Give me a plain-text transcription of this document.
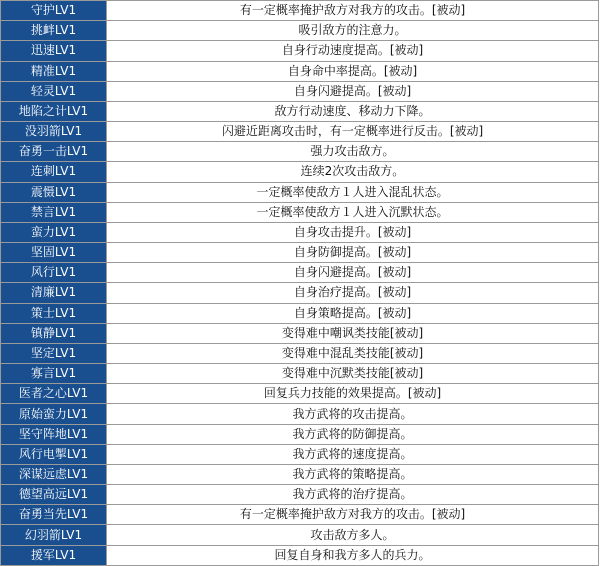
守护LV1	有一定概率掩护敌方对我方的攻击。[被动]
挑衅LV1	吸引敌方的注意力。
迅速LV1	自身行动速度提高。[被动]
精准LV1	自身命中率提高。[被动]
轻灵LV1	自身闪避提高。[被动]
地陷之计LV1	敌方行动速度、移动力下降。
没羽箭LV1	闪避近距离攻击时，有一定概率进行反击。[被动]
奋勇一击LV1	强力攻击敌方。
连刺LV1	连续2次攻击敌方。
震慑LV1	一定概率使敌方１人进入混乱状态。
禁言LV1	一定概率使敌方１人进入沉默状态。
蛮力LV1	自身攻击提升。[被动]
坚固LV1	自身防御提高。[被动]
风行LV1	自身闪避提高。[被动]
清廉LV1	自身治疗提高。[被动]
策士LV1	自身策略提高。[被动]
镇静LV1	变得难中嘲讽类技能[被动]
坚定LV1	变得难中混乱类技能[被动]
寡言LV1	变得难中沉默类技能[被动]
医者之心LV1	回复兵力技能的效果提高。[被动]
原始蛮力LV1	我方武将的攻击提高。
坚守阵地LV1	我方武将的防御提高。
风行电掣LV1	我方武将的速度提高。
深谋远虑LV1	我方武将的策略提高。
德望高远LV1	我方武将的治疗提高。
奋勇当先LV1	有一定概率掩护敌方对我方的攻击。[被动]
幻羽箭LV1	攻击敌方多人。
援军LV1	回复自身和我方多人的兵力。
